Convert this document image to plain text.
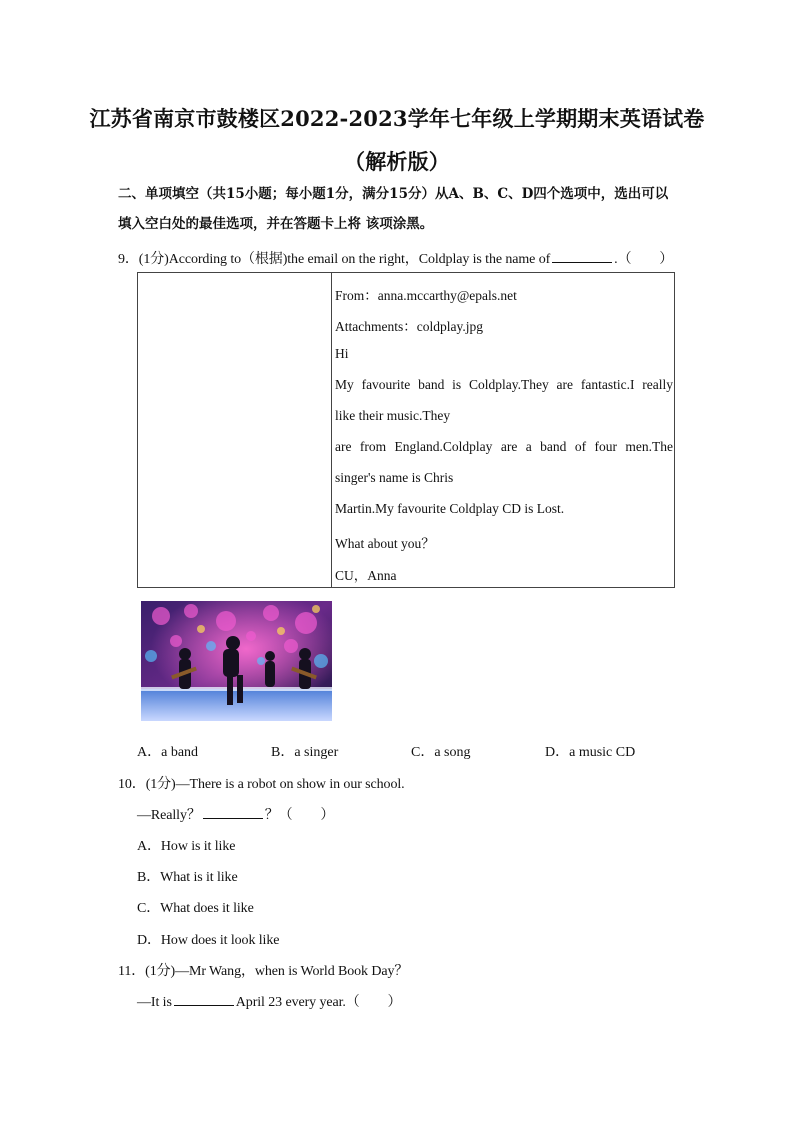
江苏省南京市鼓楼区2022-2023学年七年级上学期期末英语试卷
（解析版）
二、单项填空（共15小题；每小题1分，满分15分）从A、B、C、D四个选项中，选出可以填入空白处的最佳选项，并在答题卡上将 该项涂黑。
9．(1分)According to（根据)the email on the right，Coldplay is the name of	.（　　）
From：anna.mccarthy@epals.net
Attachments：coldplay.jpg
Hi
My favourite band is Coldplay.They are fantastic.I really
like their music.They
are from England.Coldplay are a band of four men.The
singer's name is Chris
Martin.My favourite Coldplay CD is Lost.
What about you？
CU，Anna
A．a band	B．a singer	C．a song	D．a music CD
10．(1分)—There is a robot on show in our school.
—Really？	？（　　）
A．How is it like
B．What is it like
C．What does it like
D．How does it look like
11．(1分)—Mr Wang，when is World Book Day？
—It is	April 23 every year.（　　）
